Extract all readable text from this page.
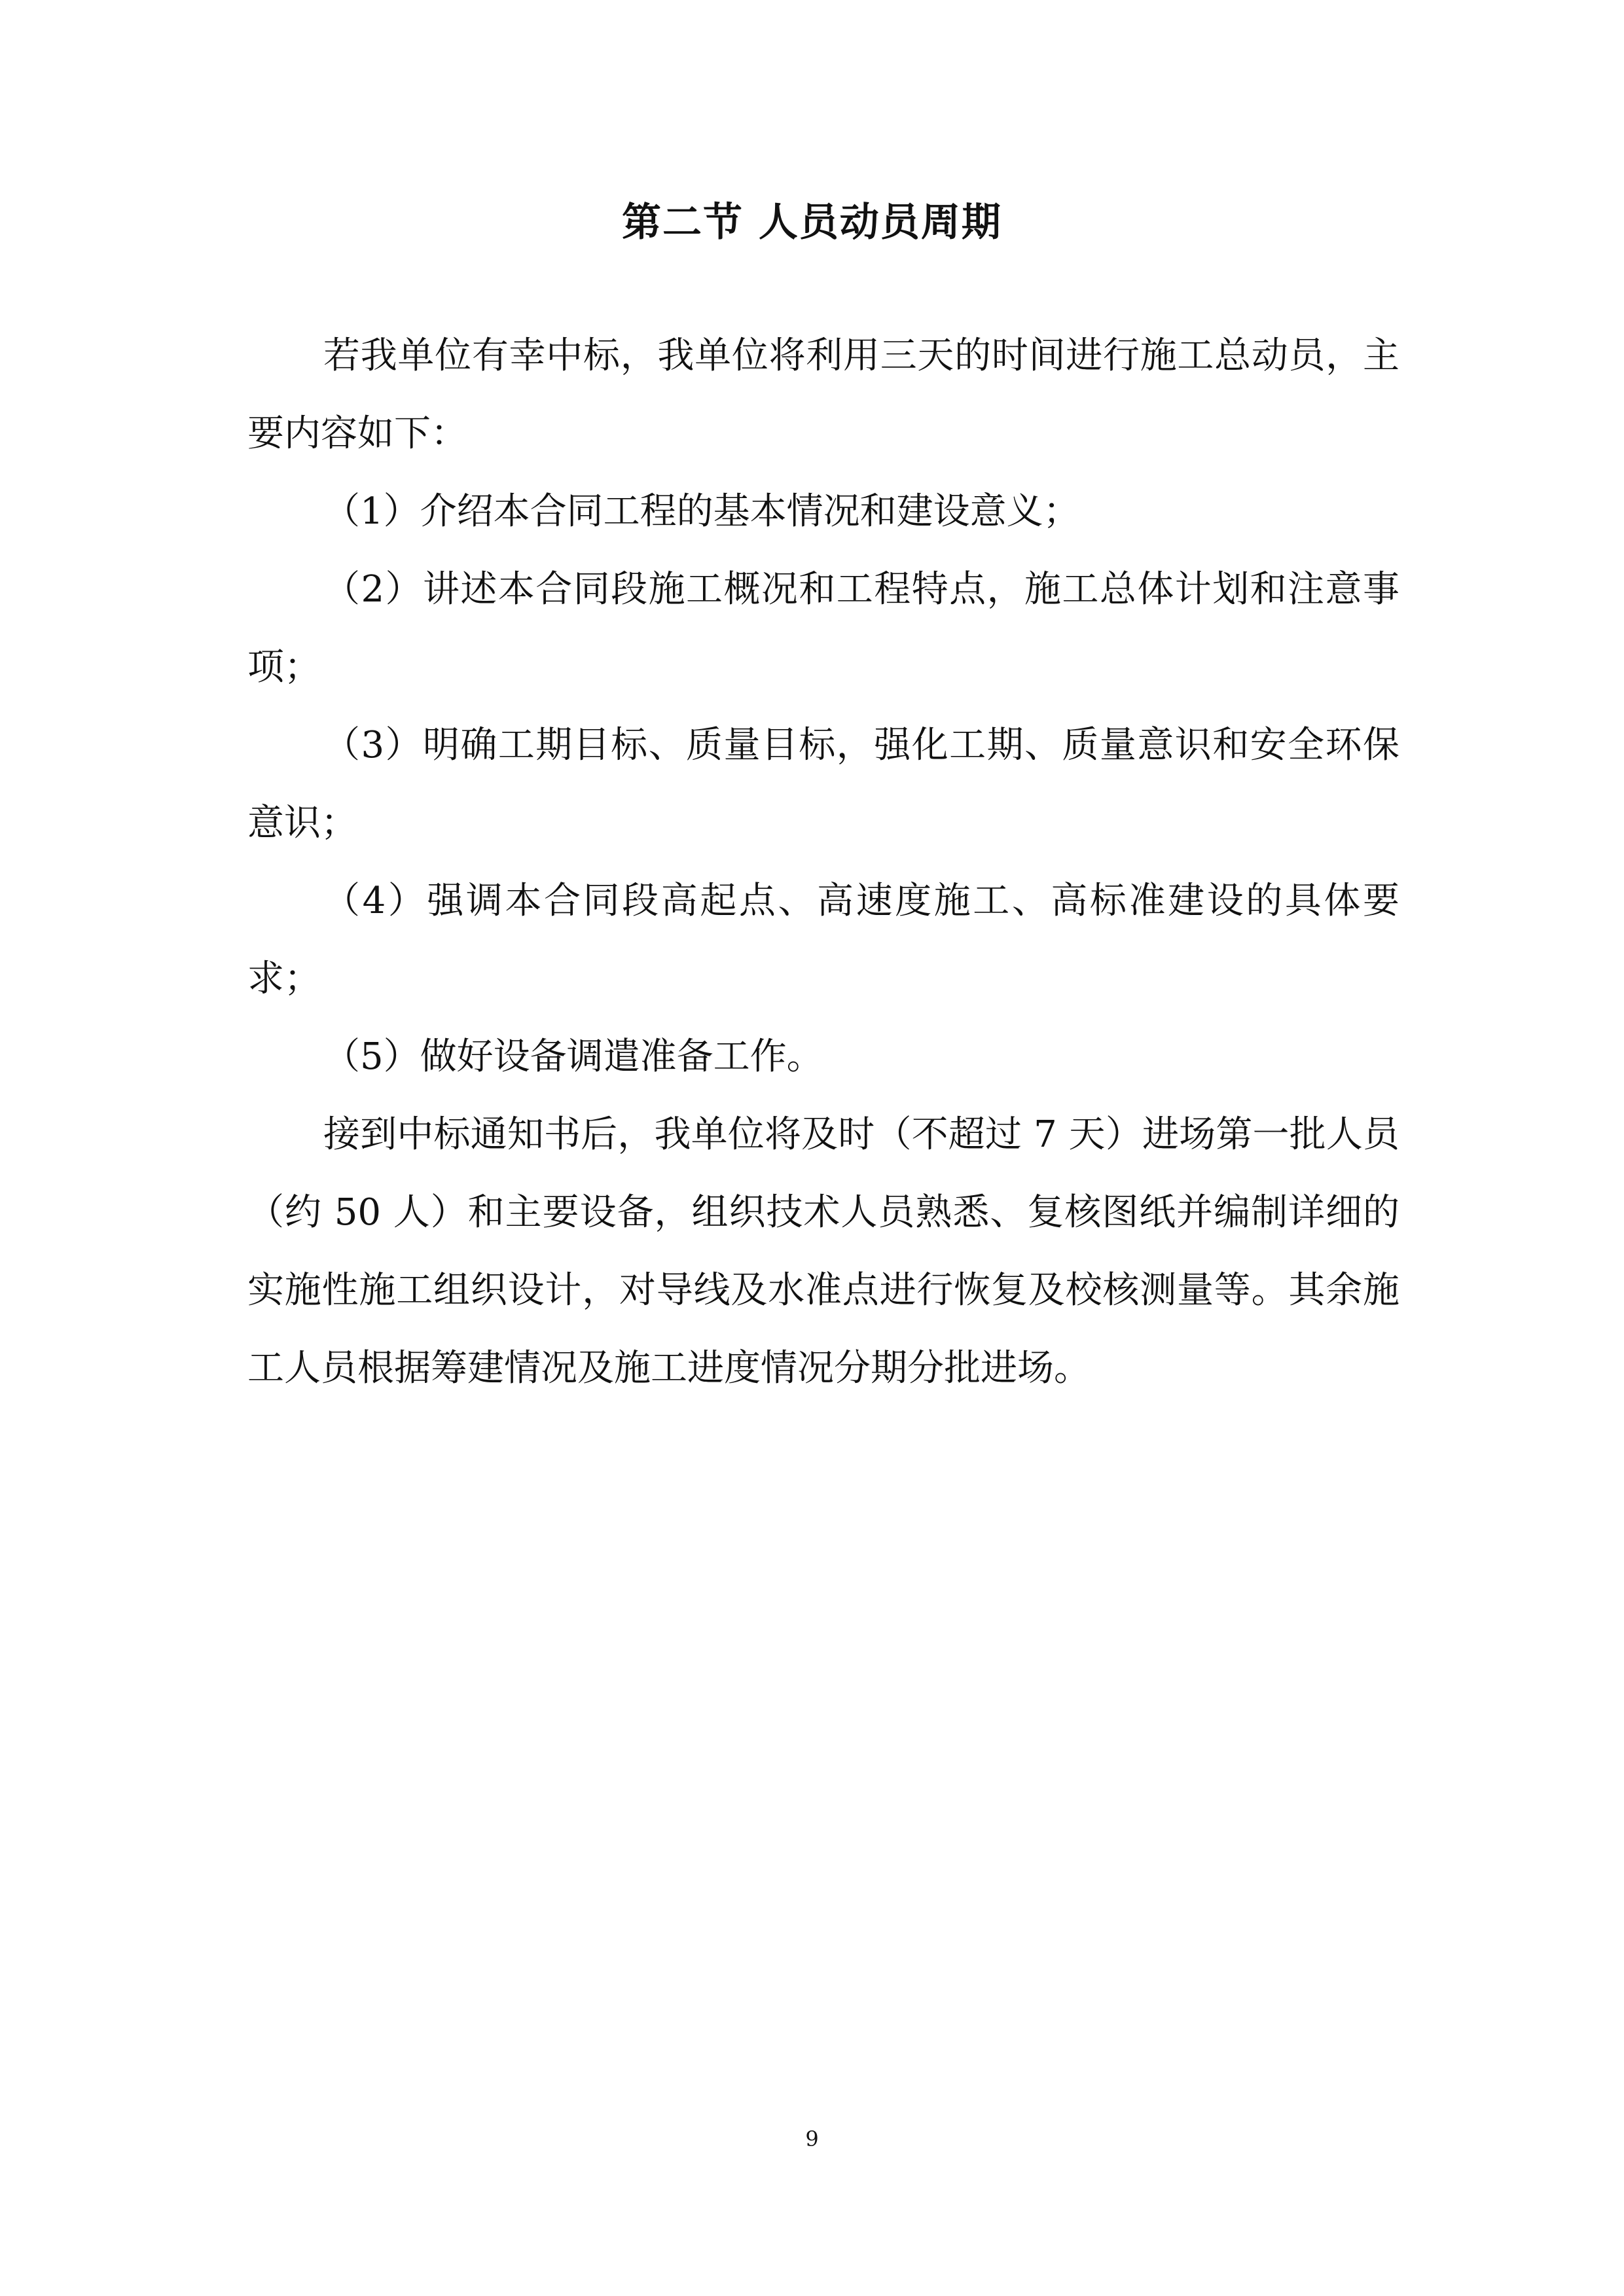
第二节 人员动员周期

若我单位有幸中标，我单位将利用三天的时间进行施工总动员，主要内容如下：

（1）介绍本合同工程的基本情况和建设意义；

（2）讲述本合同段施工概况和工程特点，施工总体计划和注意事项；

（3）明确工期目标、质量目标，强化工期、质量意识和安全环保意识；

（4）强调本合同段高起点、高速度施工、高标准建设的具体要求；

（5）做好设备调遣准备工作。

接到中标通知书后，我单位将及时（不超过 7 天）进场第一批人员（约 50 人）和主要设备，组织技术人员熟悉、复核图纸并编制详细的实施性施工组织设计，对导线及水准点进行恢复及校核测量等。其余施工人员根据筹建情况及施工进度情况分期分批进场。

9
